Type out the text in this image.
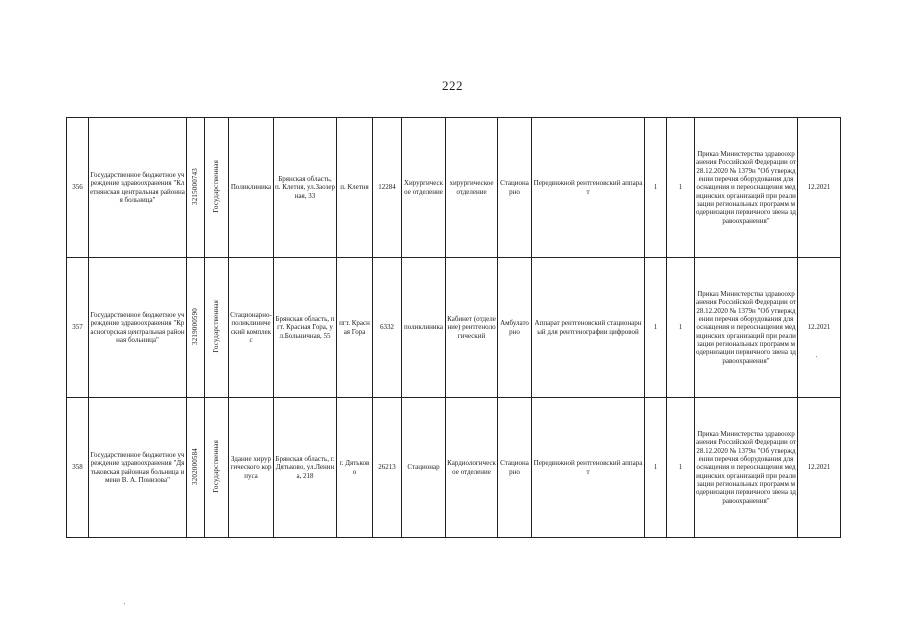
222
356	Государственное бюджетное учреждение здравоохранения "Клетнянская центральная районная больница"	3215000743	Государственная	Поликлиника	Брянская область, п. Клетня, ул.Заозерная, 33	п. Клетня	12284	Хирургическое отделение	хирургическое отделение	Стационарно	Передвижной рентгеновский аппарат	1	1	Приказ Министерства здравоохранения Российской Федерации от 28.12.2020 № 1379н "Об утверждении перечня оборудования для оснащения и переоснащения медицинских организаций при реализации региональных программ модернизации первичного звена здравоохранения"	12.2021
357	Государственное бюджетное учреждение здравоохранения "Красногорская центральная районная больница"	3219000590	Государственная	Стационарно-поликлинический комплекс	Брянская область, пгт. Красная Гора, ул.Больничная, 55	пгт. Красная Гора	6332	поликлиника	Кабинет (отделение) рентгенологический	Амбулаторно	Аппарат рентгеновский стационарный для рентгенографии цифровой	1	1	Приказ Министерства здравоохранения Российской Федерации от 28.12.2020 № 1379н "Об утверждении перечня оборудования для оснащения и переоснащения медицинских организаций при реализации региональных программ модернизации первичного звена здравоохранения"	12.2021
358	Государственное бюджетное учреждение здравоохранения "Дятьковская районная больница имени В. А. Понизова"	3202000584	Государственная	Здание хирургического корпуса	Брянская область, г. Дятьково, ул.Ленина, 218	г. Дятьково	26213	Стационар	Кардиологическое отделение	Стационарно	Передвижной рентгеновский аппарат	1	1	Приказ Министерства здравоохранения Российской Федерации от 28.12.2020 № 1379н "Об утверждении перечня оборудования для оснащения и переоснащения медицинских организаций при реализации региональных программ модернизации первичного звена здравоохранения"	12.2021
